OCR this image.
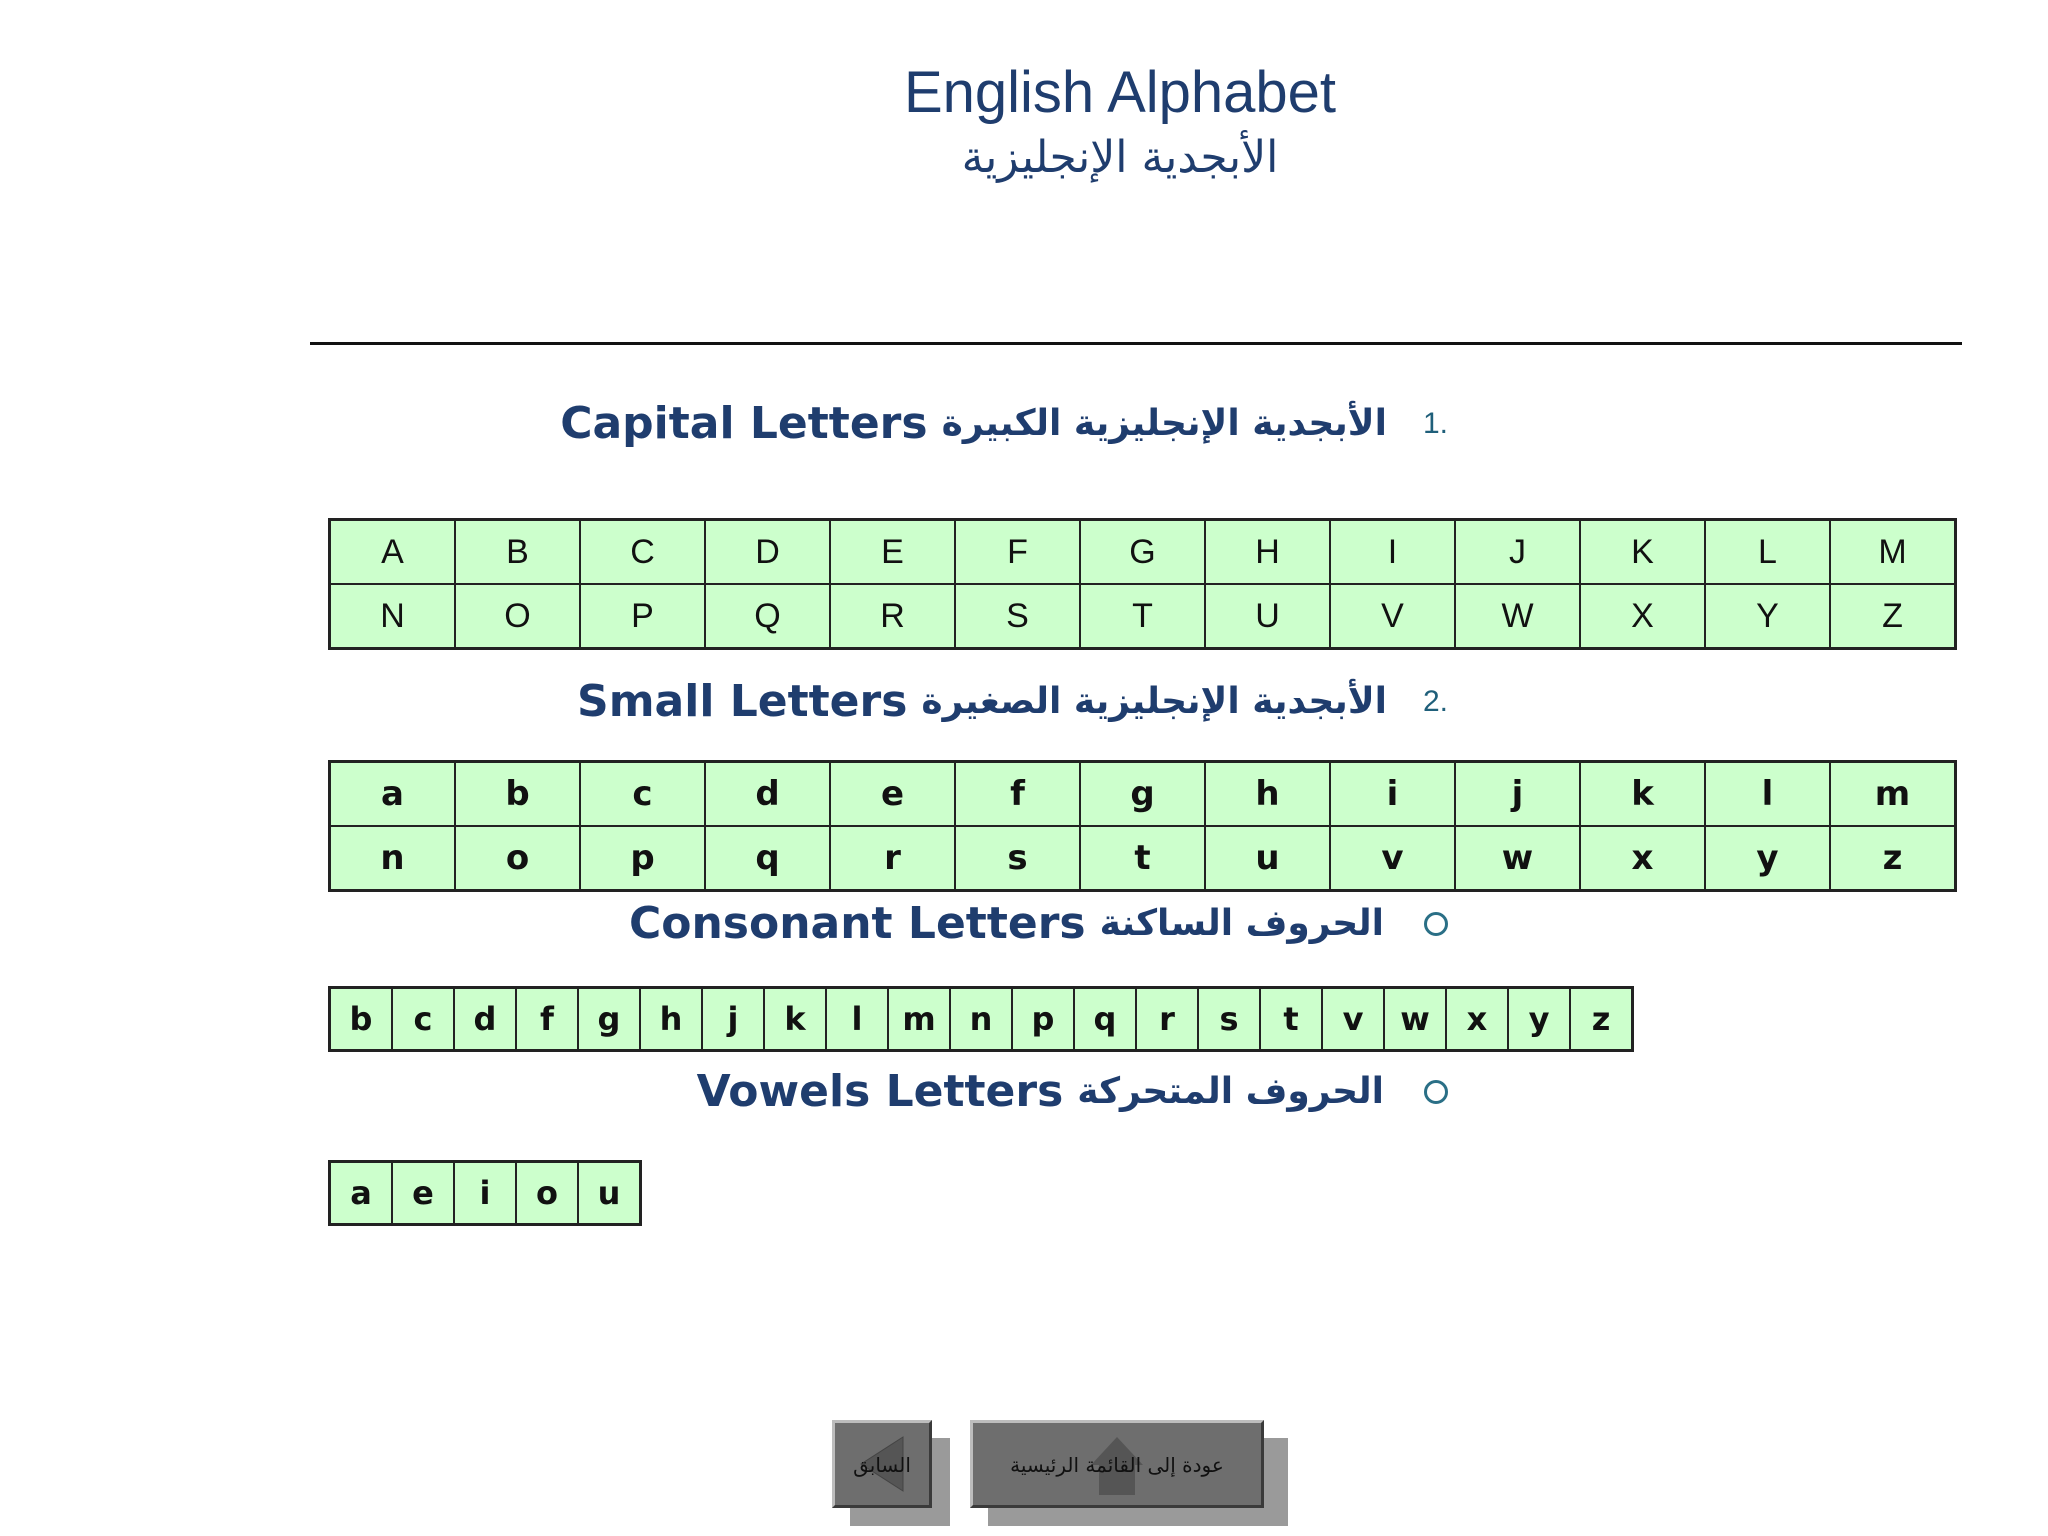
English Alphabet
الأبجدية الإنجليزية
1.
الأبجدية الإنجليزية الكبيرة
Capital Letters
A	B	C	D	E	F	G	H	I	J	K	L	M
N	O	P	Q	R	S	T	U	V	W	X	Y	Z
2.
الأبجدية الإنجليزية الصغيرة
Small Letters
a	b	c	d	e	f	g	h	i	j	k	l	m
n	o	p	q	r	s	t	u	v	w	x	y	z
الحروف الساكنة
Consonant Letters
b	c	d	f	g	h	j	k	l	m	n	p	q	r	s	t	v	w	x	y	z
الحروف المتحركة
Vowels Letters
a	e	i	o	u
السابق	عودة إلى القائمة الرئيسية
